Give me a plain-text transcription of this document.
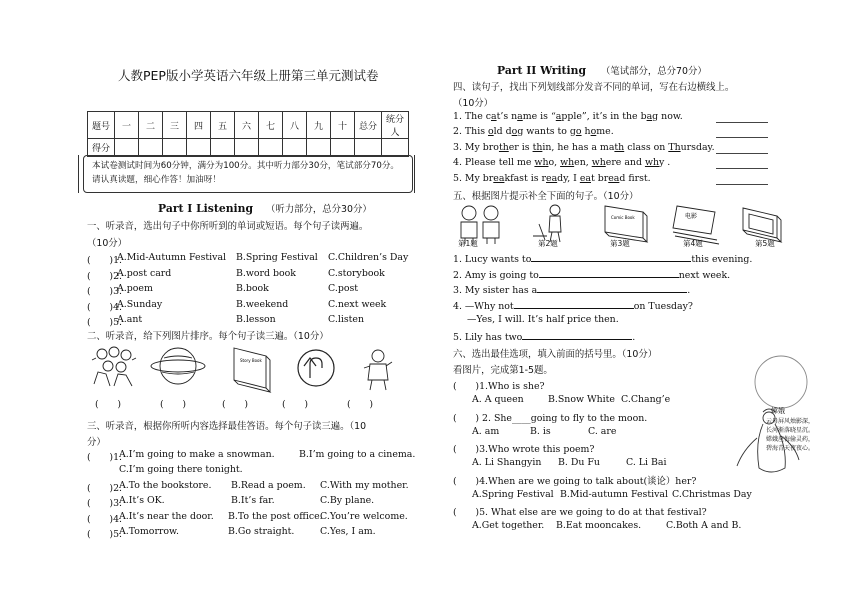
人教PEP版小学英语六年级上册第三单元测试卷
题号	一	二	三	四	五	六	七	八	九	十	总分	统分人
得分												
本试卷测试时间为60分钟，满分为100分。其中听力部分30分，笔试部分70分。请认真读题，细心作答！加油呀！
Part I Listening （听力部分，总分30分）
一、听录音，选出句子中你所听到的单词或短语。每个句子读两遍。
（10分）
(　　)1.
A.Mid-Autumn Festival B.Spring Festival C.Children’s Day
(　　)2.
A.post card	B.word book	C.storybook
(　　)3.
A.poem	B.book	C.post
(　　)4.
A.Sunday	B.weekend	C.next week
(　　)5.
A.ant	B.lesson	C.listen
二、听录音，给下列图片排序。每个句子读三遍。（10分）
Story Book
(　　)	(　　)	(　　)	(　　)	(　　)
三、听录音，根据你所听内容选择最佳答语。每个句子读三遍。（10
分）
(　　)1.
A.I’m going to make a snowman.	B.I’m going to a cinema.
C.I’m going there tonight.
(　　)2.
A.To the bookstore. B.Read a poem. C.With my mother.
(　　)3.
A.It’s OK.	B.It’s far.	C.By plane.
(　　)4.
A.It’s near the door. B.To the post office.
C.You’re welcome.
(　　)5.
A.Tomorrow.	B.Go straight.	C.Yes, I am.
Part II Writing （笔试部分，总分70分）
四、读句子，找出下列划线部分发音不同的单词，写在右边横线上。
（10分）
1. The cat’s name is “apple”, it’s in the bag now.
2. This old dog wants to go home.
3. My brother is thin, he has a math class on Thursday.
4. Please tell me who, when, where and why .
5. My breakfast is ready, I eat bread first.
五、根据图片提示补全下面的句子。（10分）
Comic Book	电影
第1题	第2题	第3题	第4题	第5题
1. Lucy wants to	this evening.
2. Amy is going to	next week.
3. My sister has a	.
4. —Why not	on Tuesday?
5. Lily has two	.
—Yes, I will. It’s half price then.
六、选出最佳选项，填入前面的括号里。（10分）
看图片，完成第1-5题。
(　　)1.Who is she?
A. A queen	B.Snow White C.Chang’e
(　　) 2. She____going to fly to the moon.
A. am	B. is	C. are
(　　)3.Who wrote this poem?
A. Li Shangyin B. Du Fu	C. Li Bai
(　　)4.When are we going to talk about(谈论）her?
A.Spring Festival B.Mid-autumn Festival C.Christmas Day
(　　)5. What else are we going to do at that festival?
A.Get together. B.Eat mooncakes.	C.Both A and B.
嫦娥
云母屏风烛影深，
长河渐落晓星沉。
嫦娥应悔偷灵药，
碧海青天夜夜心。
